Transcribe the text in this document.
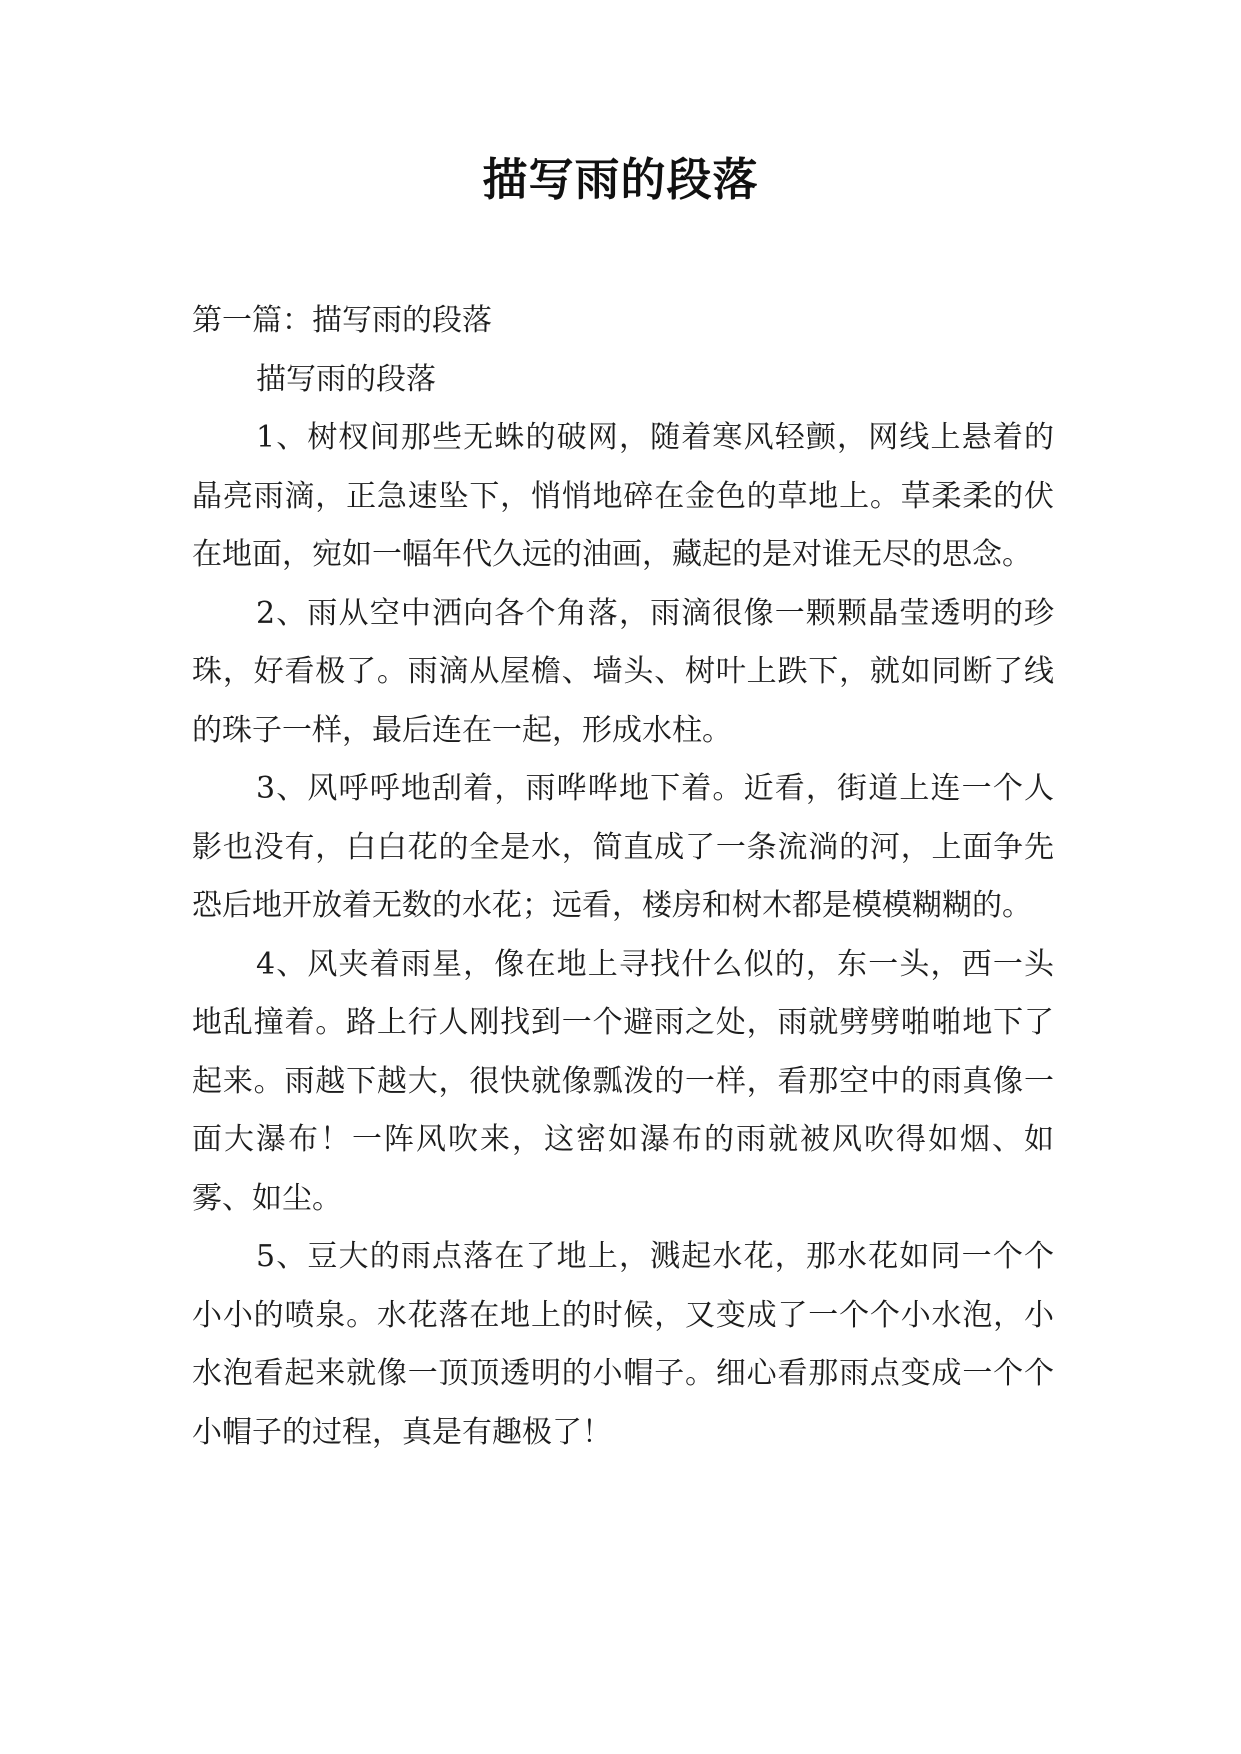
描写雨的段落

第一篇：描写雨的段落

描写雨的段落

1、树杈间那些无蛛的破网，随着寒风轻颤，网线上悬着的晶亮雨滴，正急速坠下，悄悄地碎在金色的草地上。草柔柔的伏在地面，宛如一幅年代久远的油画，藏起的是对谁无尽的思念。

2、雨从空中洒向各个角落，雨滴很像一颗颗晶莹透明的珍珠，好看极了。雨滴从屋檐、墙头、树叶上跌下，就如同断了线的珠子一样，最后连在一起，形成水柱。

3、风呼呼地刮着，雨哗哗地下着。近看，街道上连一个人影也没有，白白花的全是水，简直成了一条流淌的河，上面争先恐后地开放着无数的水花；远看，楼房和树木都是模模糊糊的。

4、风夹着雨星，像在地上寻找什么似的，东一头，西一头地乱撞着。路上行人刚找到一个避雨之处，雨就劈劈啪啪地下了起来。雨越下越大，很快就像瓢泼的一样，看那空中的雨真像一面大瀑布！一阵风吹来，这密如瀑布的雨就被风吹得如烟、如雾、如尘。

5、豆大的雨点落在了地上，溅起水花，那水花如同一个个小小的喷泉。水花落在地上的时候，又变成了一个个小水泡，小水泡看起来就像一顶顶透明的小帽子。细心看那雨点变成一个个小帽子的过程，真是有趣极了！
